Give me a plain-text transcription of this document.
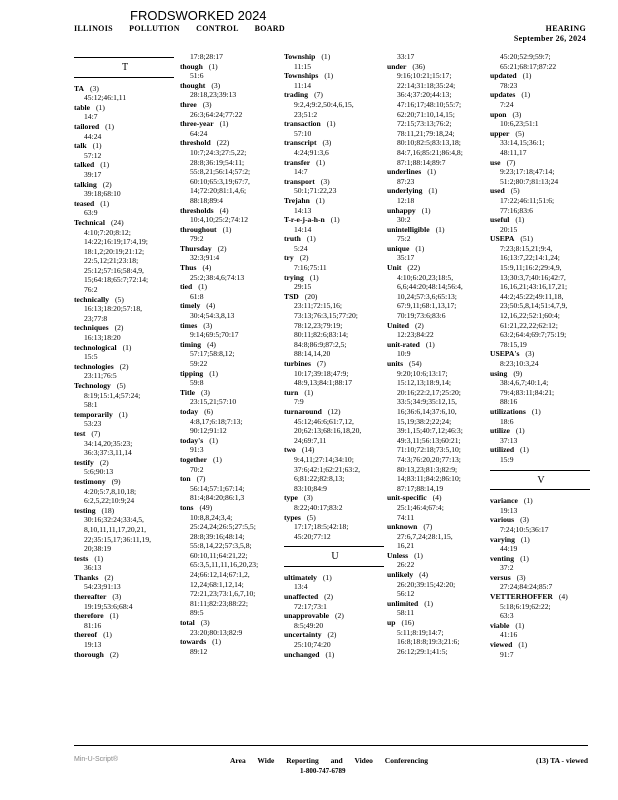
FRODSWORKED 2024
ILLINOIS POLLUTION CONTROL BOARD	HEARING
September 26, 2024
T
TA (3)
45:12;46:1,11
table (1)
14:7
tailored (1)
44:24
talk (1)
57:12
talked (1)
39:17
talking (2)
39:18;68:10
teased (1)
63:9
Technical (24)
4:10;7:20;8:12;
14:22;16:19;17:4,19;
18:1,2;20:19;21:12;
22:5,12;21;23:18;
25:12;57:16;58:4,9,
15;64:18;65:7;72:14;
76:2
technically (5)
16:13;18:20;57:18,
23;77:8
techniques (2)
16:13;18:20
technological (1)
15:5
technologies (2)
23:11;76:5
Technology (5)
8:19;15:1,4;57:24;
58:1
temporarily (1)
53:23
test (7)
34:14,20;35:23;
36:3;37:3,11,14
testify (2)
5:6;90:13
testimony (9)
4:20;5:7,8,10,18;
6:2,5,22;10:9;24
testing (18)
30:16;32:24;33:4,5,
8,10,11,11,17,20,21,
22;35:15,17;36:11,19,
20;38:19
tests (1)
36:13
Thanks (2)
54:23;91:13
thereafter (3)
19:19;53:6;68:4
therefore (1)
81:16
thereof (1)
19:13
thorough (2)
17:8;28:17
though (1)
51:6
thought (3)
28:18,23;39:13
three (3)
26:3;64:24;77:22
three-year (1)
64:24
threshold (22)
10:7;24:3;27:5,22;
28:8;36:19;54:11;
55:8,21;56:14;57:2;
60:10;65:3,19;67:7,
14;72:20;81:1,4,6;
88:18;89:4
thresholds (4)
10:4,10;25:2;74:12
throughout (1)
79:2
Thursday (2)
32:3;91:4
Thus (4)
25:2;38:4,6;74:13
tied (1)
61:8
timely (4)
30:4;54:3,8,13
times (3)
9:14;69:5;70:17
timing (4)
57:17;58:8,12;
59:22
tipping (1)
59:8
Title (3)
23:15,21;57:10
today (6)
4:8,17;6:18;7:13;
90:12;91:12
today's (1)
91:3
together (1)
70:2
ton (7)
56:14;57:1;67:14;
81:4;84:20;86:1,3
tons (49)
10:8,8,24;3,4;
25:24,24;26:5;27:5,5;
28:8;39:16;48:14;
55:8,14,22;57:3,5,8;
60:10,11;64:21,22;
65:3,5,11,11,16,20,23;
24;66:12,14;67:1,2,
12,24;68:1,12,14;
72:21,23;73:1,6,7,10;
81:11;82:23;88:22;
89:5
total (3)
23:20;80:13;82:9
towards (1)
89:12
Township (1)
11:15
Townships (1)
11:14
trading (7)
9:2,4;9:2,50:4,6,15,
23;51:2
transaction (1)
57:10
transcript (3)
4:24;91:3,6
transfer (1)
14:7
transport (3)
50:1;71:22,23
Trejahn (1)
14:13
T-r-e-j-a-h-n (1)
14:14
truth (1)
5:24
try (2)
7:16;75:11
trying (1)
29:15
TSD (20)
23:11;72:15,16;
73:13;76:3,15;77:20;
78:12,23;79:19;
80:11;82:6;83:14;
84:8;86:9;87:2,5;
88:14,14,20
turbines (7)
10:17;39:18;47:9;
48:9,13;84:1;88:17
turn (1)
7:9
turnaround (12)
45:12;46:6;61:7,12,
20;62:13;68:16,18,20,
24;69:7,11
two (14)
9:4,11;27:14;34:10;
37:6;42:1;62:21;63:2,
6;81:22;82:8,13;
83:10;84:9
type (3)
8:22;40:17;83:2
types (5)
17:17;18:5;42:18;
45:20;77:12
U
ultimately (1)
13:4
unaffected (2)
72:17;73:1
unapprovable (2)
8:5;49:20
uncertainty (2)
25:10;74:20
unchanged (1)
33:17
under (36)
9:16;10:21;15:17;
22:14;31:18;35:24;
36:4;37:20;44:13;
47:16;17;48:10;55:7;
62:20;71:10,14,15;
72:15;73:13;76:2;
78:11,21;79:18,24;
80:10;82:5;83:13,18;
84:7,16;85:21;86:4,8;
87:1;88:14;89:7
underlines (1)
87:23
underlying (1)
12:18
unhappy (1)
30:2
unintelligible (1)
75:2
unique (1)
35:17
Unit (22)
4:10;6:20,23;18:5,
6,6;44:20;48:14;56:4,
10,24;57:3,6;65:13;
67:9,11;68:1,13,17;
70:19;73:6;83:6
United (2)
12:23;84:22
unit-rated (1)
10:9
units (54)
9:20;10:6;13:17;
15:12,13;18:9,14;
20:16;22:2,17;25:20;
33:5;34:9;35:12,15,
16;36:6,14;37:6,10,
15,19;38:2;22;24;
39:1,15;40:7,12;46:3;
49:3,11;56:13;60:21;
71:10;72:18;73:5,10;
74:3;76:20,20;77:13;
80:13,23;81:3;82:9;
14;83:11;84:2;86:10;
87:17;88:14,19
unit-specific (4)
25:1;46:4;67:4;
74:11
unknown (7)
27:6,7,24;28:1,15,
16,21
Unless (1)
26:22
unlikely (4)
26:20;39:15;42:20;
56:12
unlimited (1)
58:11
up (16)
5:11;8:19;14:7;
16:8;18:8;19:3;21:6;
26:12;29:1;41:5;
45:20;52:9;59:7;
65:21;68:17;87:22
updated (1)
78:23
updates (1)
7:24
upon (3)
10:6,23;51:1
upper (5)
33:14,15;36:1;
48:11,17
use (7)
9:23;17:18;47:14;
51:2;80:7;81:13;24
used (5)
17:22;46:11;51:6;
77:16;83:6
useful (1)
20:15
USEPA (51)
7:23;8:15,21;9:4,
16;13:7,22;14:1,24;
15:9,11;16:2;29:4,9,
13;30:3,7;40:16;42:7,
16,16,21;43:16,17,21;
44:2;45:22;49:11,18,
23;50:5,8,14;51:4,7,9,
12,16,22;52:1;60:4;
61:21,22,22;62:12;
63:2;64:4;69:7;75:19;
78:15,19
USEPA's (3)
8:23;10:3,24
using (9)
38:4,6,7;40:1,4;
79:4;83:11;84:21;
88:16
utilizations (1)
18:6
utilize (1)
37:13
utilized (1)
15:9
V
variance (1)
19:13
various (3)
7:24;10:5;36:17
varying (1)
44:19
venting (1)
37:2
versus (3)
27:24;84:24;85:7
VETTERHOFFER (4)
5:18;6:19;62:22;
63:3
viable (1)
41:16
viewed (1)
91:7
Min-U-Script®	Area Wide Reporting and Video Conferencing
1-800-747-6789
(13) TA - viewed
